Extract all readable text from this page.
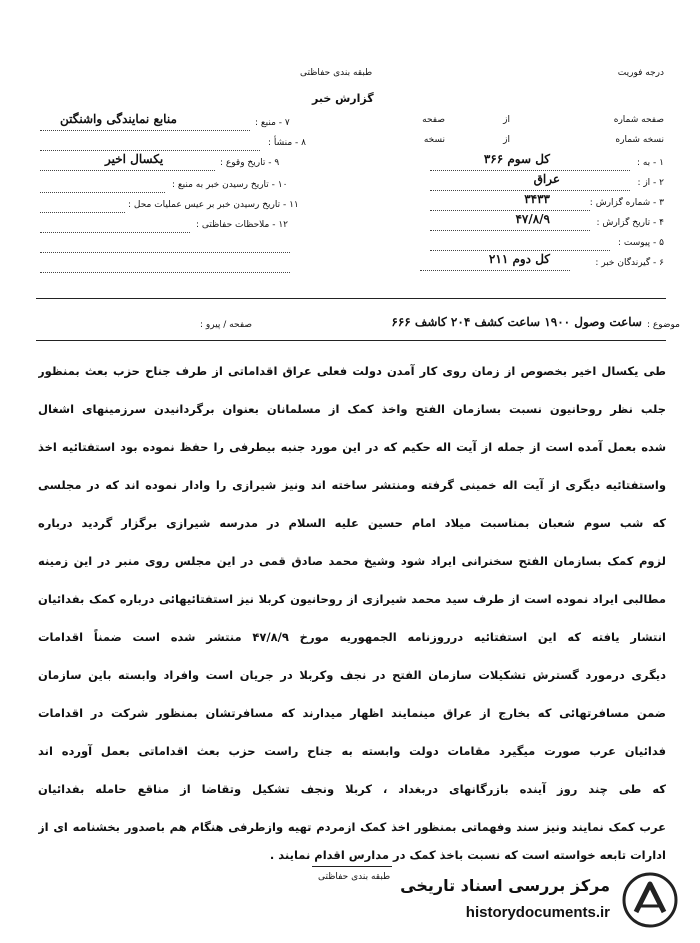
درجه فوریت
طبقه بندی حفاظتی
گزارش خبر
صفحه شماره
از
صفحه
نسخه شماره
از
نسخه
۱ - به :
کل سوم ۳۶۶
۲ - از :
عراق
۳ - شماره گزارش :
۳۴۳۳
۴ - تاریخ گزارش :
۴۷/۸/۹
۵ - پیوست :
۶ - گیرندگان خبر :
کل دوم ۲۱۱
۷ - منبع :
منابع نمایندگی واشنگتن
۸ - منشأ :
۹ - تاریخ وقوع :
یکسال اخیر
۱۰ - تاریخ رسیدن خبر به منبع :
۱۱ - تاریخ رسیدن خبر بر عیس عملیات محل :
۱۲ - ملاحظات حفاظتی :
موضوع :
ساعت وصول ۱۹۰۰ ساعت کشف ۲۰۴ کاشف ۶۶۶
صفحه / پیرو :
طی یکسال اخیر بخصوص از زمان روی کار آمدن دولت فعلی عراق اقداماتی از طرف جناح حزب بعث بمنظور
جلب نظر روحانیون نسبت بسازمان الفتح واخذ کمک از مسلمانان بعنوان برگردانیدن سرزمینهای اشغال
شده بعمل آمده است از جمله از آیت اله حکیم که در این مورد جنبه بیطرفی را حفظ نموده بود استفتائیه اخذ
واستفتائیه دیگری از آیت اله خمینی گرفته ومنتشر ساخته اند ونیز شیرازی را وادار نموده اند که در مجلسی
که شب سوم شعبان بمناسبت میلاد امام حسین علیه السلام در مدرسه شیرازی برگزار گردید درباره
لزوم کمک بسازمان الفتح سخنرانی ایراد شود وشیخ محمد صادق قمی در این مجلس روی منبر در این زمینه
مطالبی ایراد نموده است از طرف سید محمد شیرازی از روحانیون کربلا نیز استفتائیهائی درباره کمک بفدائیان
انتشار یافته که این استفتائیه درروزنامه الجمهوریه مورخ ۴۷/۸/۹ منتشر شده است ضمناً اقدامات
دیگری درمورد گسترش تشکیلات سازمان الفتح در نجف وکربلا در جریان است وافراد وابسته باین سازمان
ضمن مسافرتهائی که بخارج از عراق مینمایند اظهار میدارند که مسافرتشان بمنظور شرکت در اقدامات
فدائیان عرب صورت میگیرد مقامات دولت وابسته به جناح راست حزب بعث اقداماتی بعمل آورده اند
که طی چند روز آینده بازرگانهای دربغداد ، کربلا ونجف تشکیل وتقاضا از مناقع حامله بفدائیان
عرب کمک نمایند ونیز سند وفهماتی بمنظور اخذ کمک ازمردم تهیه وازطرفی هنگام هم باصدور بخشنامه ای از
ادارات تابعه خواسته است که نسبت باخذ کمک در مدارس اقدام نمایند .
طبقه بندی حفاظتی مرکز بررسی اسناد تاریخی
historydocuments.ir
